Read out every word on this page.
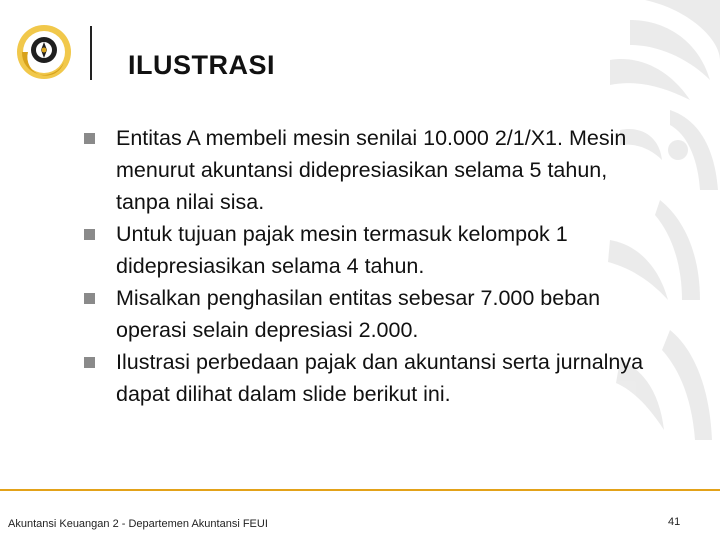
ILUSTRASI
Entitas A membeli mesin senilai 10.000 2/1/X1. Mesin menurut akuntansi didepresiasikan selama 5 tahun, tanpa nilai sisa.
Untuk tujuan pajak mesin termasuk kelompok 1 didepresiasikan selama 4 tahun.
Misalkan penghasilan entitas sebesar 7.000 beban operasi selain depresiasi 2.000.
Ilustrasi perbedaan pajak dan akuntansi serta jurnalnya dapat dilihat dalam slide berikut ini.
Akuntansi Keuangan 2 - Departemen Akuntansi FEUI	41
